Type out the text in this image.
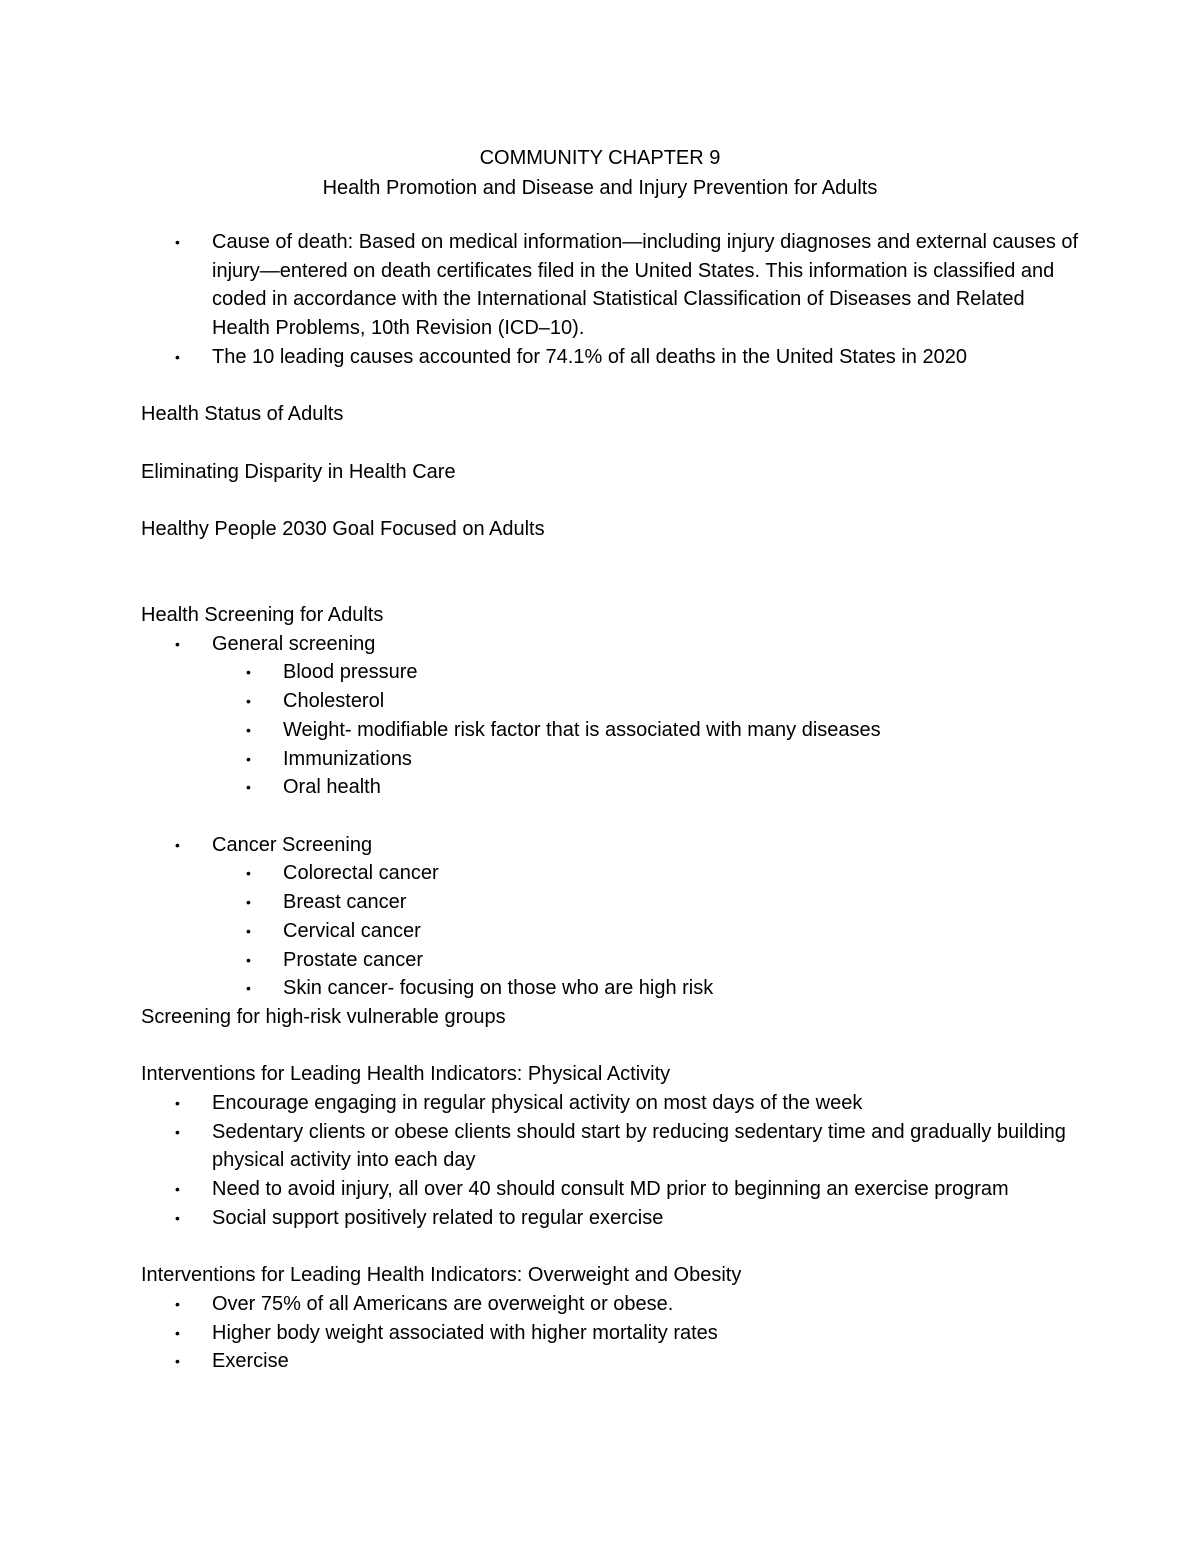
COMMUNITY CHAPTER 9
Health Promotion and Disease and Injury Prevention for Adults
• Cause of death: Based on medical information—including injury diagnoses and external causes of injury—entered on death certificates filed in the United States. This information is classified and coded in accordance with the International Statistical Classification of Diseases and Related Health Problems, 10th Revision (ICD–10).
• The 10 leading causes accounted for 74.1% of all deaths in the United States in 2020

Health Status of Adults

Eliminating Disparity in Health Care

Healthy People 2030 Goal Focused on Adults

Health Screening for Adults

• General screening
• Blood pressure
• Cholesterol
• Weight- modifiable risk factor that is associated with many diseases
• Immunizations
• Oral health
• Cancer Screening
• Colorectal cancer
• Breast cancer
• Cervical cancer
• Prostate cancer
• Skin cancer- focusing on those who are high risk

Screening for high-risk vulnerable groups

Interventions for Leading Health Indicators: Physical Activity

• Encourage engaging in regular physical activity on most days of the week
• Sedentary clients or obese clients should start by reducing sedentary time and gradually building physical activity into each day
• Need to avoid injury, all over 40 should consult MD prior to beginning an exercise program
• Social support positively related to regular exercise

Interventions for Leading Health Indicators: Overweight and Obesity

• Over 75% of all Americans are overweight or obese.
• Higher body weight associated with higher mortality rates
• Exercise
